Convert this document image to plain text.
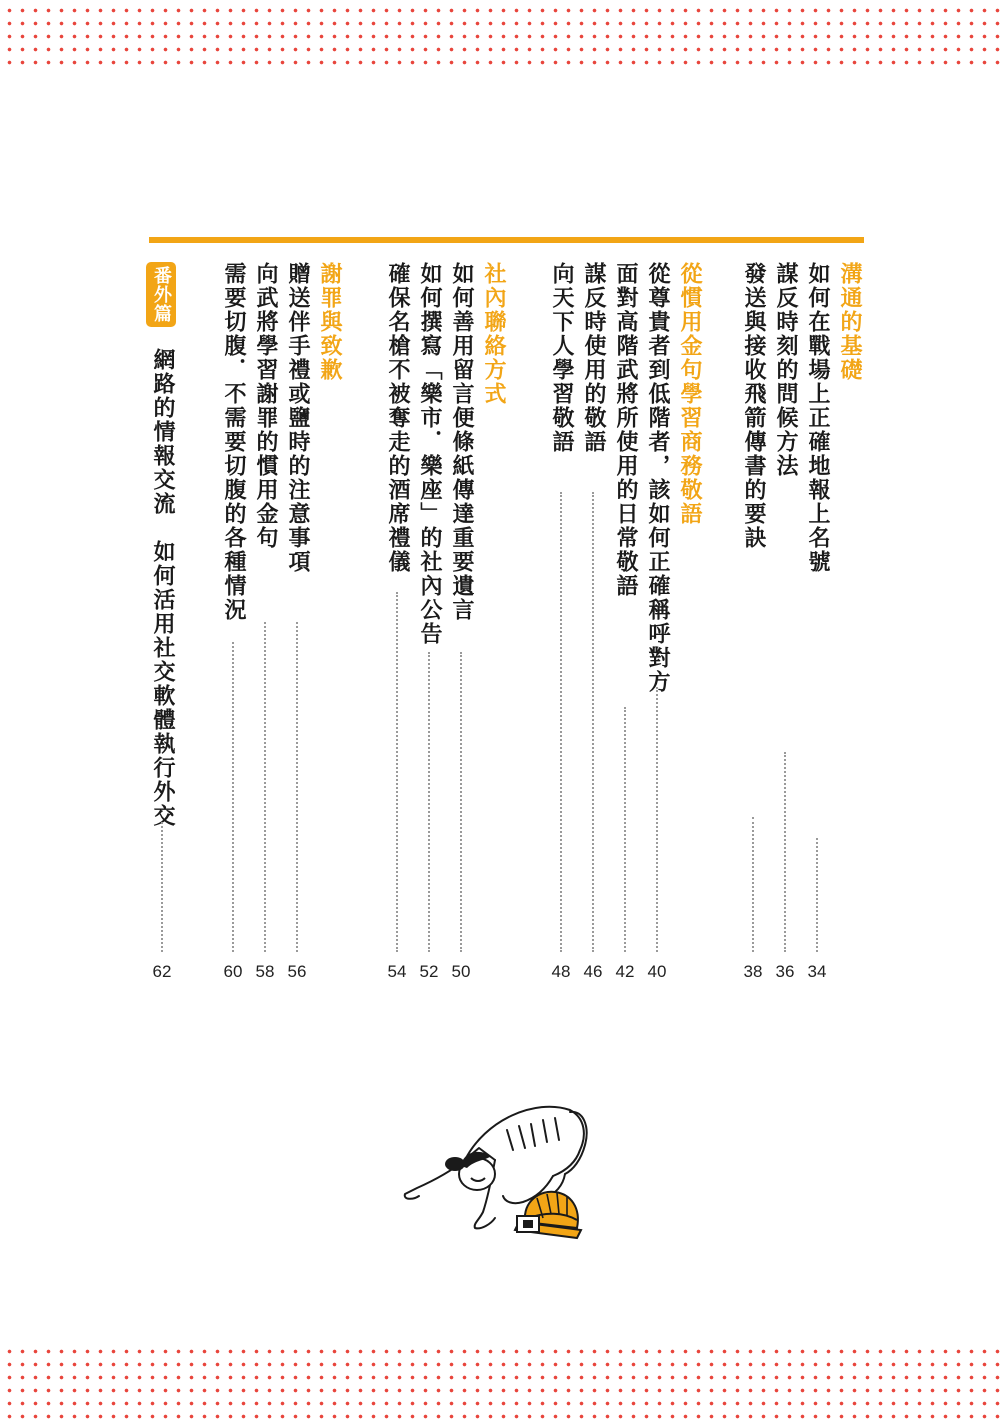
溝通的基礎
如何在戰場上正確地報上名號
34
謀反時刻的問候方法
36
發送與接收飛箭傳書的要訣
38
從慣用金句學習商務敬語
從尊貴者到低階者，該如何正確稱呼對方
40
面對高階武將所使用的日常敬語
42
謀反時使用的敬語
46
向天下人學習敬語
48
社內聯絡方式
如何善用留言便條紙傳達重要遺言
50
如何撰寫「樂市．樂座」的社內公告
52
確保名槍不被奪走的酒席禮儀
54
謝罪與致歉
贈送伴手禮或鹽時的注意事項
56
向武將學習謝罪的慣用金句
58
需要切腹．不需要切腹的各種情況
60
番外篇
網路的情報交流　如何活用社交軟體執行外交
62
